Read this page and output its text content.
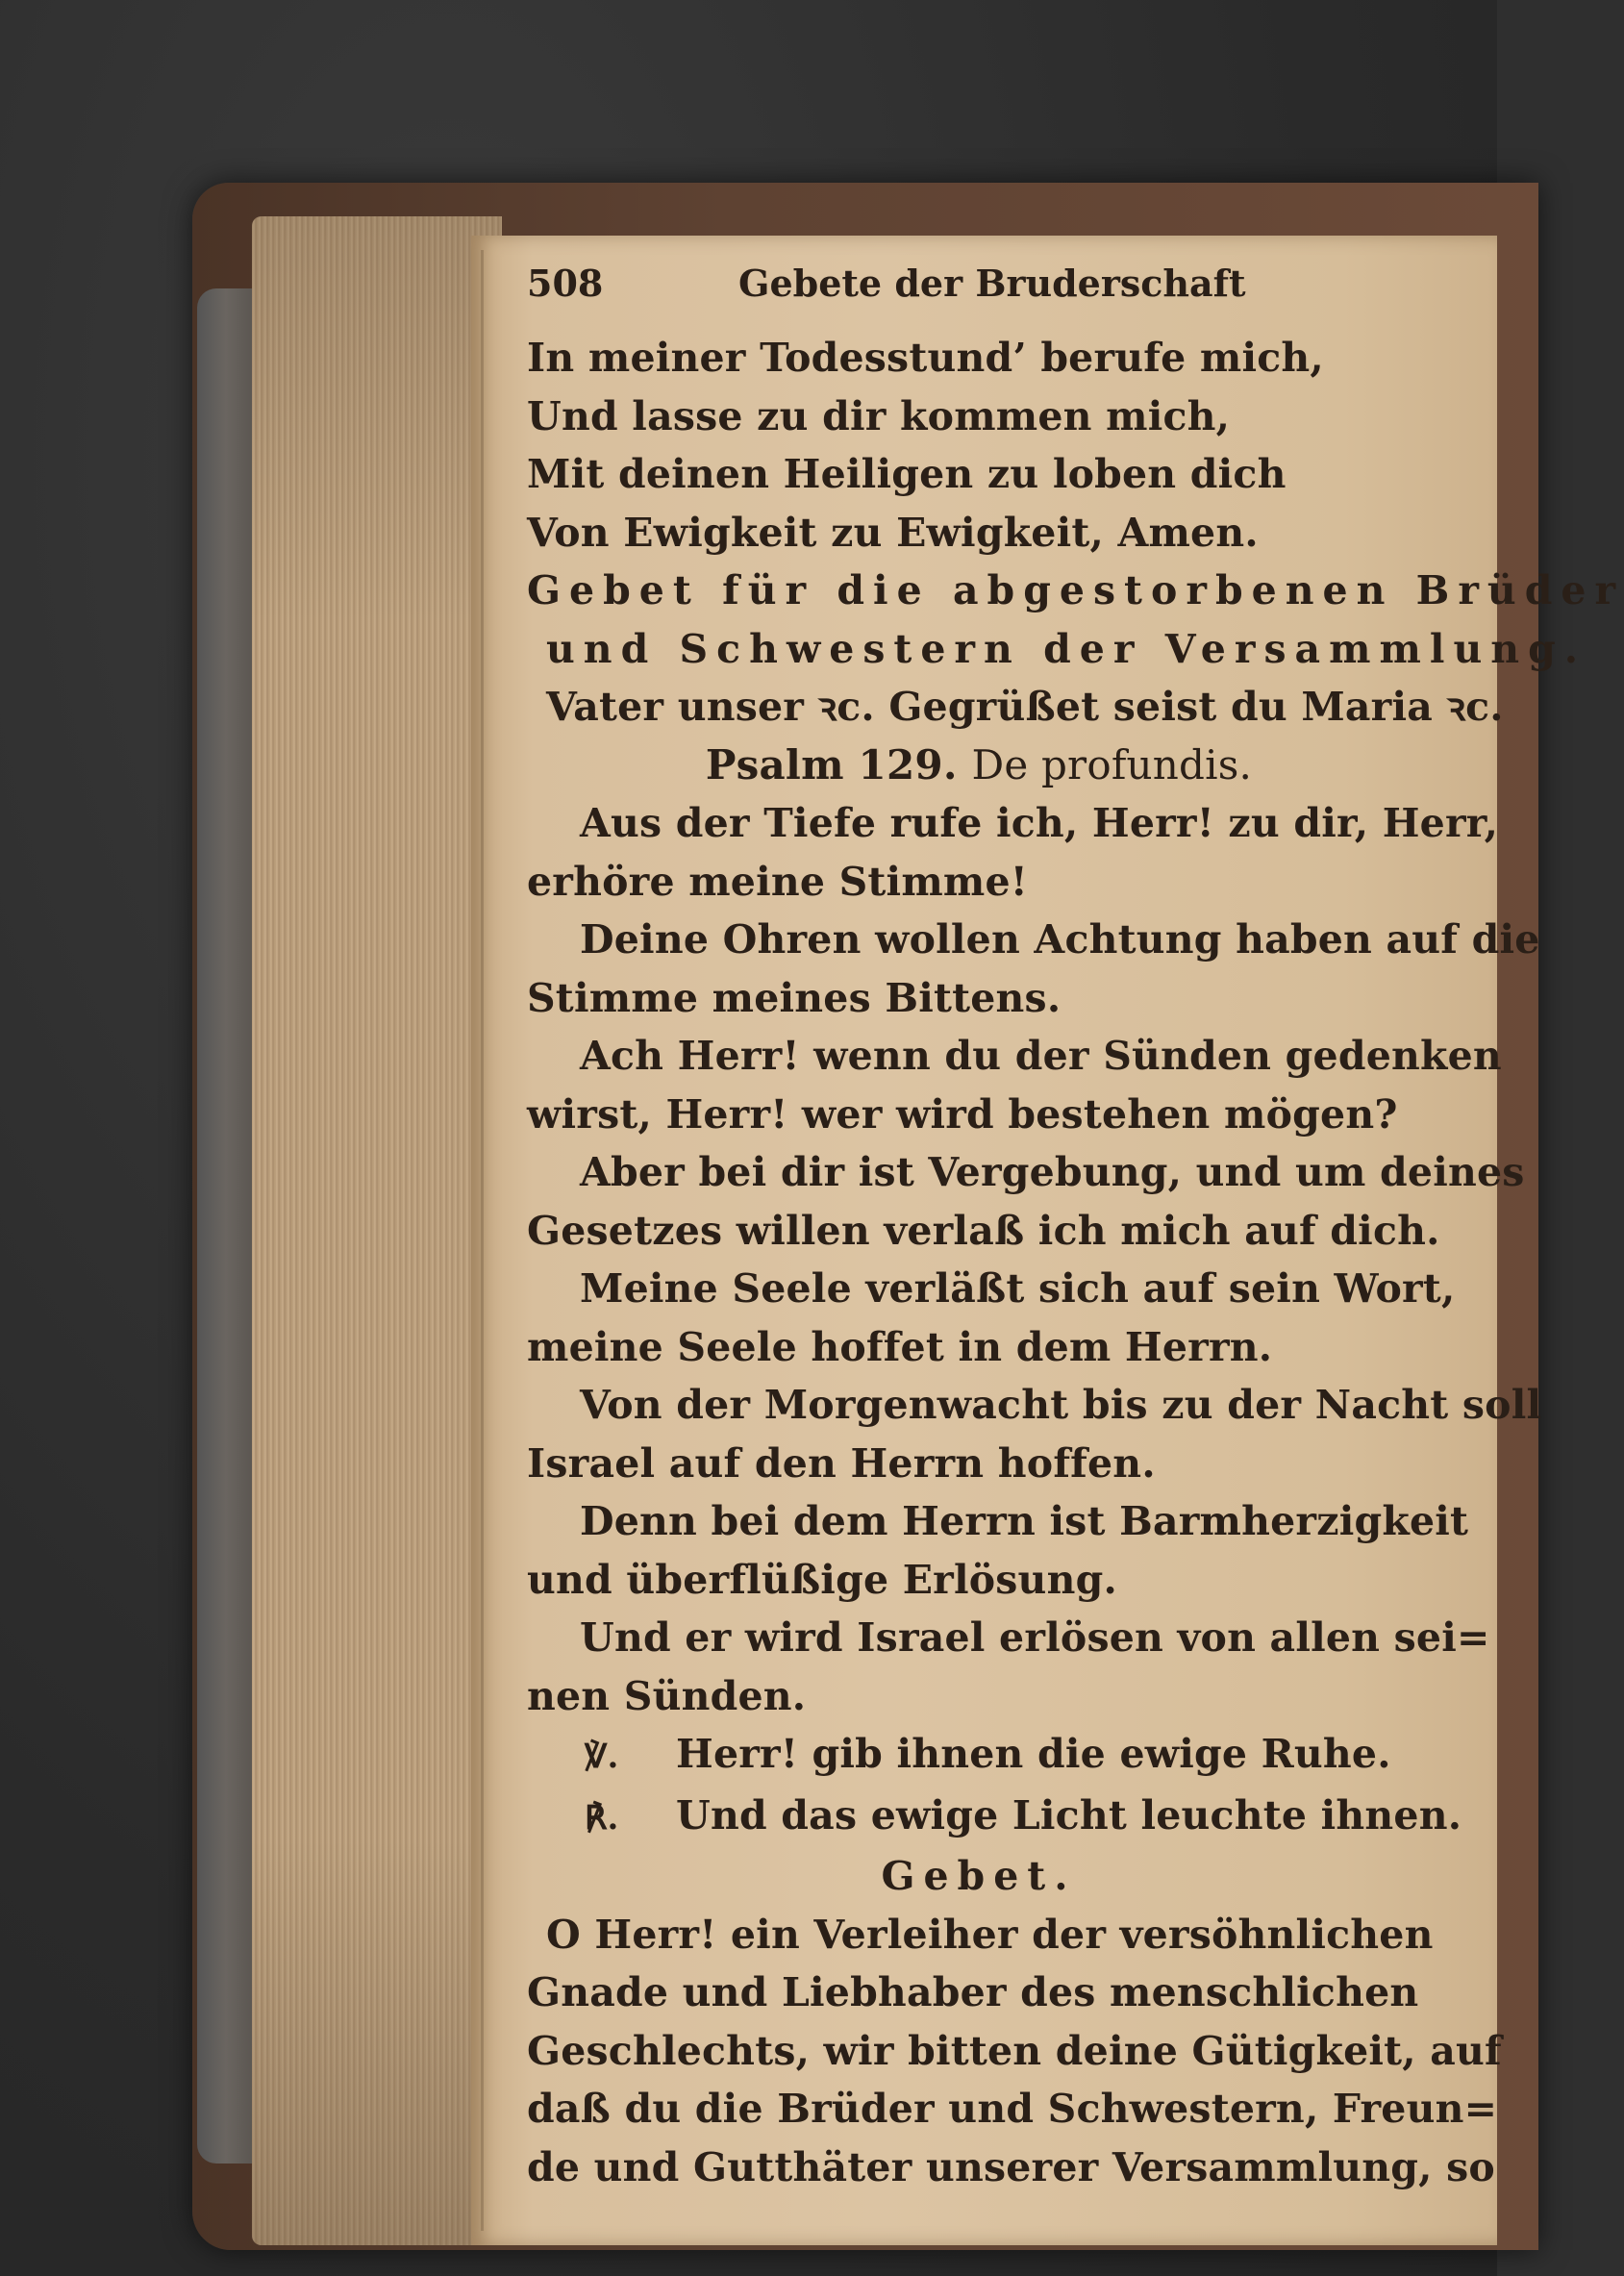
508	Gebete der Bruderschaft
In meiner Todesstund’ berufe mich,
Und lasse zu dir kommen mich,
Mit deinen Heiligen zu loben dich
Von Ewigkeit zu Ewigkeit, Amen.
Gebet für die abgestorbenen Brüder
und Schwestern der Versammlung.
Vater unser ꝛc. Gegrüßet seist du Maria ꝛc.
Psalm 129. De profundis.
Aus der Tiefe rufe ich, Herr! zu dir, Herr,
erhöre meine Stimme!
Deine Ohren wollen Achtung haben auf die
Stimme meines Bittens.
Ach Herr! wenn du der Sünden gedenken
wirst, Herr! wer wird bestehen mögen?
Aber bei dir ist Vergebung, und um deines
Gesetzes willen verlaß ich mich auf dich.
Meine Seele verläßt sich auf sein Wort,
meine Seele hoffet in dem Herrn.
Von der Morgenwacht bis zu der Nacht soll
Israel auf den Herrn hoffen.
Denn bei dem Herrn ist Barmherzigkeit
und überflüßige Erlösung.
Und er wird Israel erlösen von allen sei=
nen Sünden.
℣. Herr! gib ihnen die ewige Ruhe.
℟. Und das ewige Licht leuchte ihnen.
Gebet.
O Herr! ein Verleiher der versöhnlichen
Gnade und Liebhaber des menschlichen
Geschlechts, wir bitten deine Gütigkeit, auf
daß du die Brüder und Schwestern, Freun=
de und Gutthäter unserer Versammlung, so
